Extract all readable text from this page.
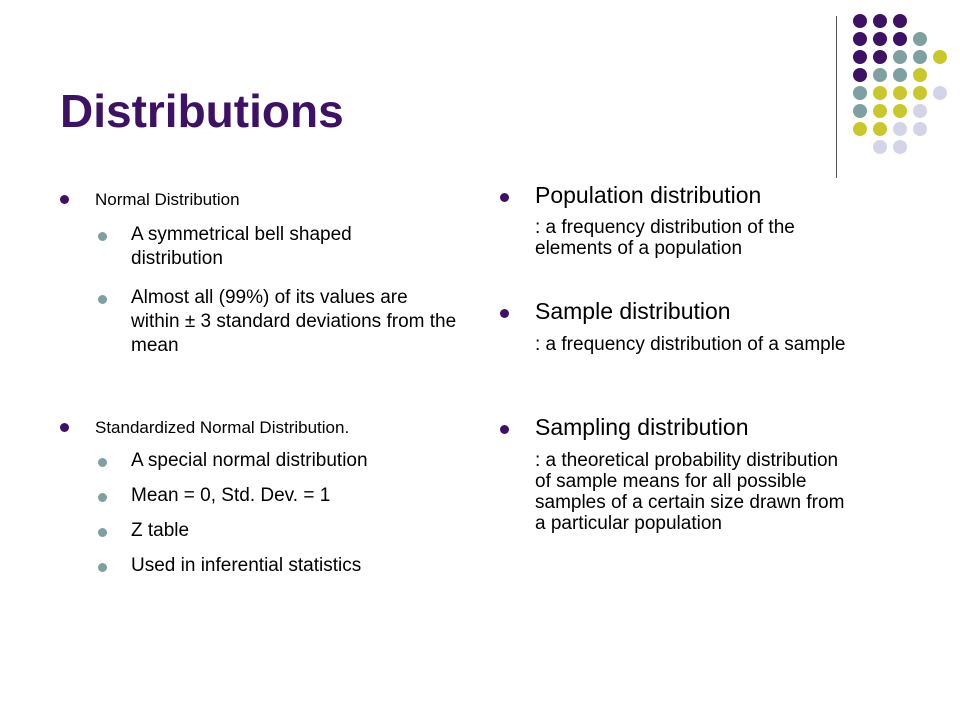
Distributions
Normal Distribution
A symmetrical bell shaped distribution
Almost all (99%) of its values are within ± 3 standard deviations from the mean
Standardized Normal Distribution.
A special normal distribution
Mean = 0, Std. Dev. = 1
Z table
Used in inferential statistics
Population distribution
: a frequency distribution of the elements of a population
Sample distribution
: a frequency distribution of a sample
Sampling distribution
: a theoretical probability distribution of sample means for all possible samples of a certain size drawn from a particular population
